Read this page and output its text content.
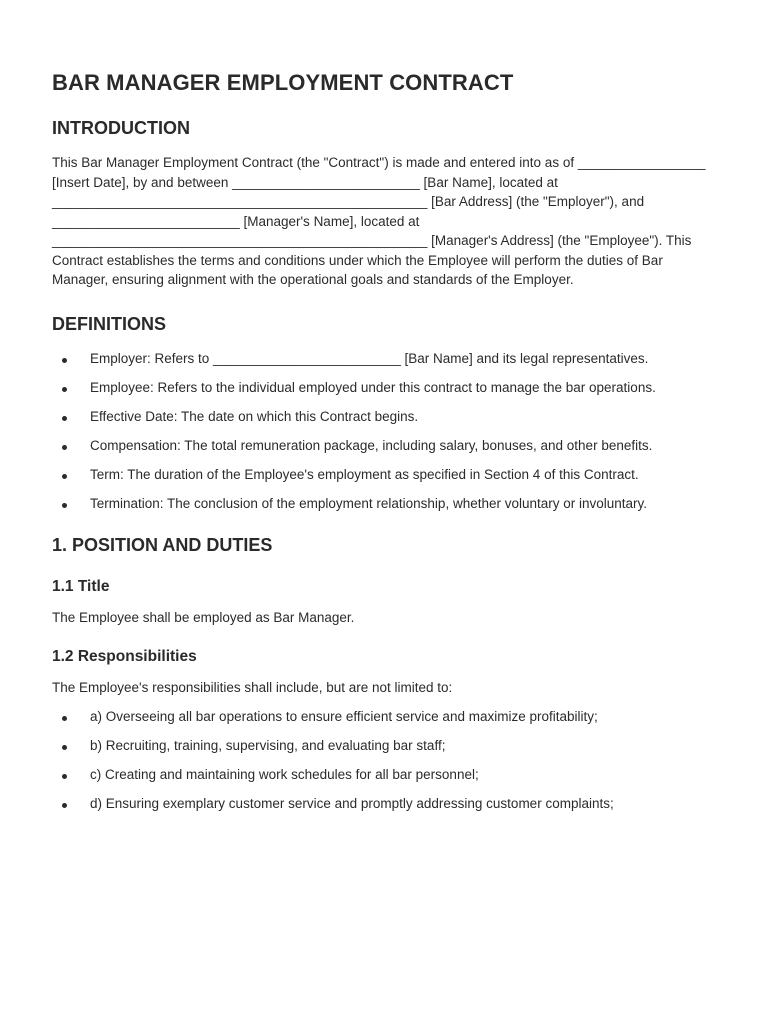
BAR MANAGER EMPLOYMENT CONTRACT
INTRODUCTION

This Bar Manager Employment Contract (the "Contract") is made and entered into as of _________________ [Insert Date], by and between _________________________ [Bar Name], located at __________________________________________________ [Bar Address] (the "Employer"), and _________________________ [Manager's Name], located at __________________________________________________ [Manager's Address] (the "Employee"). This Contract establishes the terms and conditions under which the Employee will perform the duties of Bar Manager, ensuring alignment with the operational goals and standards of the Employer.

DEFINITIONS
Employer: Refers to _________________________ [Bar Name] and its legal representatives.
Employee: Refers to the individual employed under this contract to manage the bar operations.
Effective Date: The date on which this Contract begins.
Compensation: The total remuneration package, including salary, bonuses, and other benefits.
Term: The duration of the Employee's employment as specified in Section 4 of this Contract.
Termination: The conclusion of the employment relationship, whether voluntary or involuntary.
1. POSITION AND DUTIES
1.1 Title

The Employee shall be employed as Bar Manager.

1.2 Responsibilities

The Employee's responsibilities shall include, but are not limited to:

a) Overseeing all bar operations to ensure efficient service and maximize profitability;
b) Recruiting, training, supervising, and evaluating bar staff;
c) Creating and maintaining work schedules for all bar personnel;
d) Ensuring exemplary customer service and promptly addressing customer complaints;
